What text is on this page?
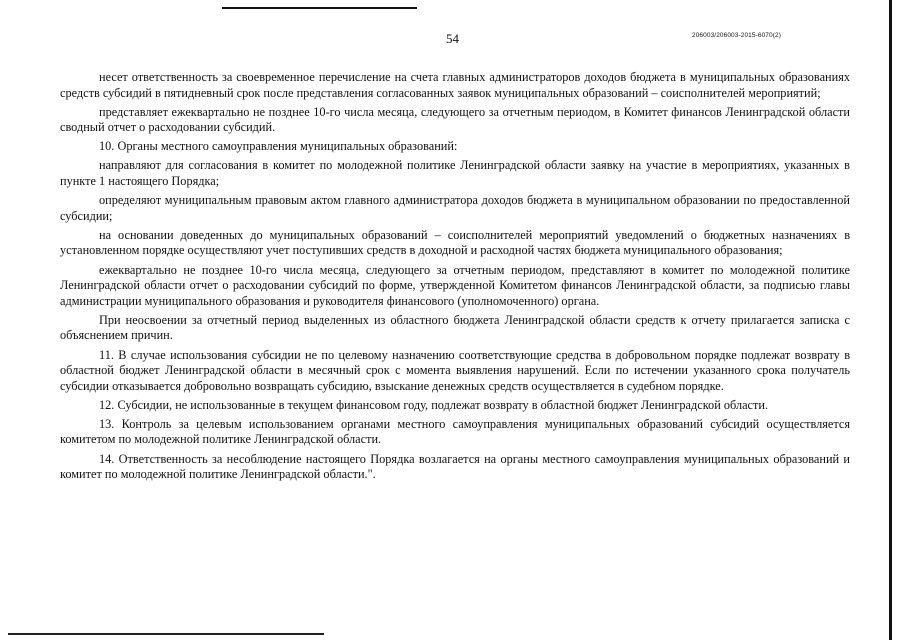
54	206003/206003-2015-6070(2)

несет ответственность за своевременное перечисление на счета главных администраторов доходов бюджета в муниципальных образованиях средств субсидий в пятидневный срок после представления согласованных заявок муниципальных образований – соисполнителей мероприятий;

представляет ежеквартально не позднее 10-го числа месяца, следующего за отчетным периодом, в Комитет финансов Ленинградской области сводный отчет о расходовании субсидий.

10. Органы местного самоуправления муниципальных образований:

направляют для согласования в комитет по молодежной политике Ленинградской области заявку на участие в мероприятиях, указанных в пункте 1 настоящего Порядка;

определяют муниципальным правовым актом главного администратора доходов бюджета в муниципальном образовании по предоставленной субсидии;

на основании доведенных до муниципальных образований – соисполнителей мероприятий уведомлений о бюджетных назначениях в установленном порядке осуществляют учет поступивших средств в доходной и расходной частях бюджета муниципального образования;

ежеквартально не позднее 10-го числа месяца, следующего за отчетным периодом, представляют в комитет по молодежной политике Ленинградской области отчет о расходовании субсидий по форме, утвержденной Комитетом финансов Ленинградской области, за подписью главы администрации муниципального образования и руководителя финансового (уполномоченного) органа.

При неосвоении за отчетный период выделенных из областного бюджета Ленинградской области средств к отчету прилагается записка с объяснением причин.

11. В случае использования субсидии не по целевому назначению соответствующие средства в добровольном порядке подлежат возврату в областной бюджет Ленинградской области в месячный срок с момента выявления нарушений. Если по истечении указанного срока получатель субсидии отказывается добровольно возвращать субсидию, взыскание денежных средств осуществляется в судебном порядке.

12. Субсидии, не использованные в текущем финансовом году, подлежат возврату в областной бюджет Ленинградской области.

13. Контроль за целевым использованием органами местного самоуправления муниципальных образований субсидий осуществляется комитетом по молодежной политике Ленинградской области.

14. Ответственность за несоблюдение настоящего Порядка возлагается на органы местного самоуправления муниципальных образований и комитет по молодежной политике Ленинградской области.".
